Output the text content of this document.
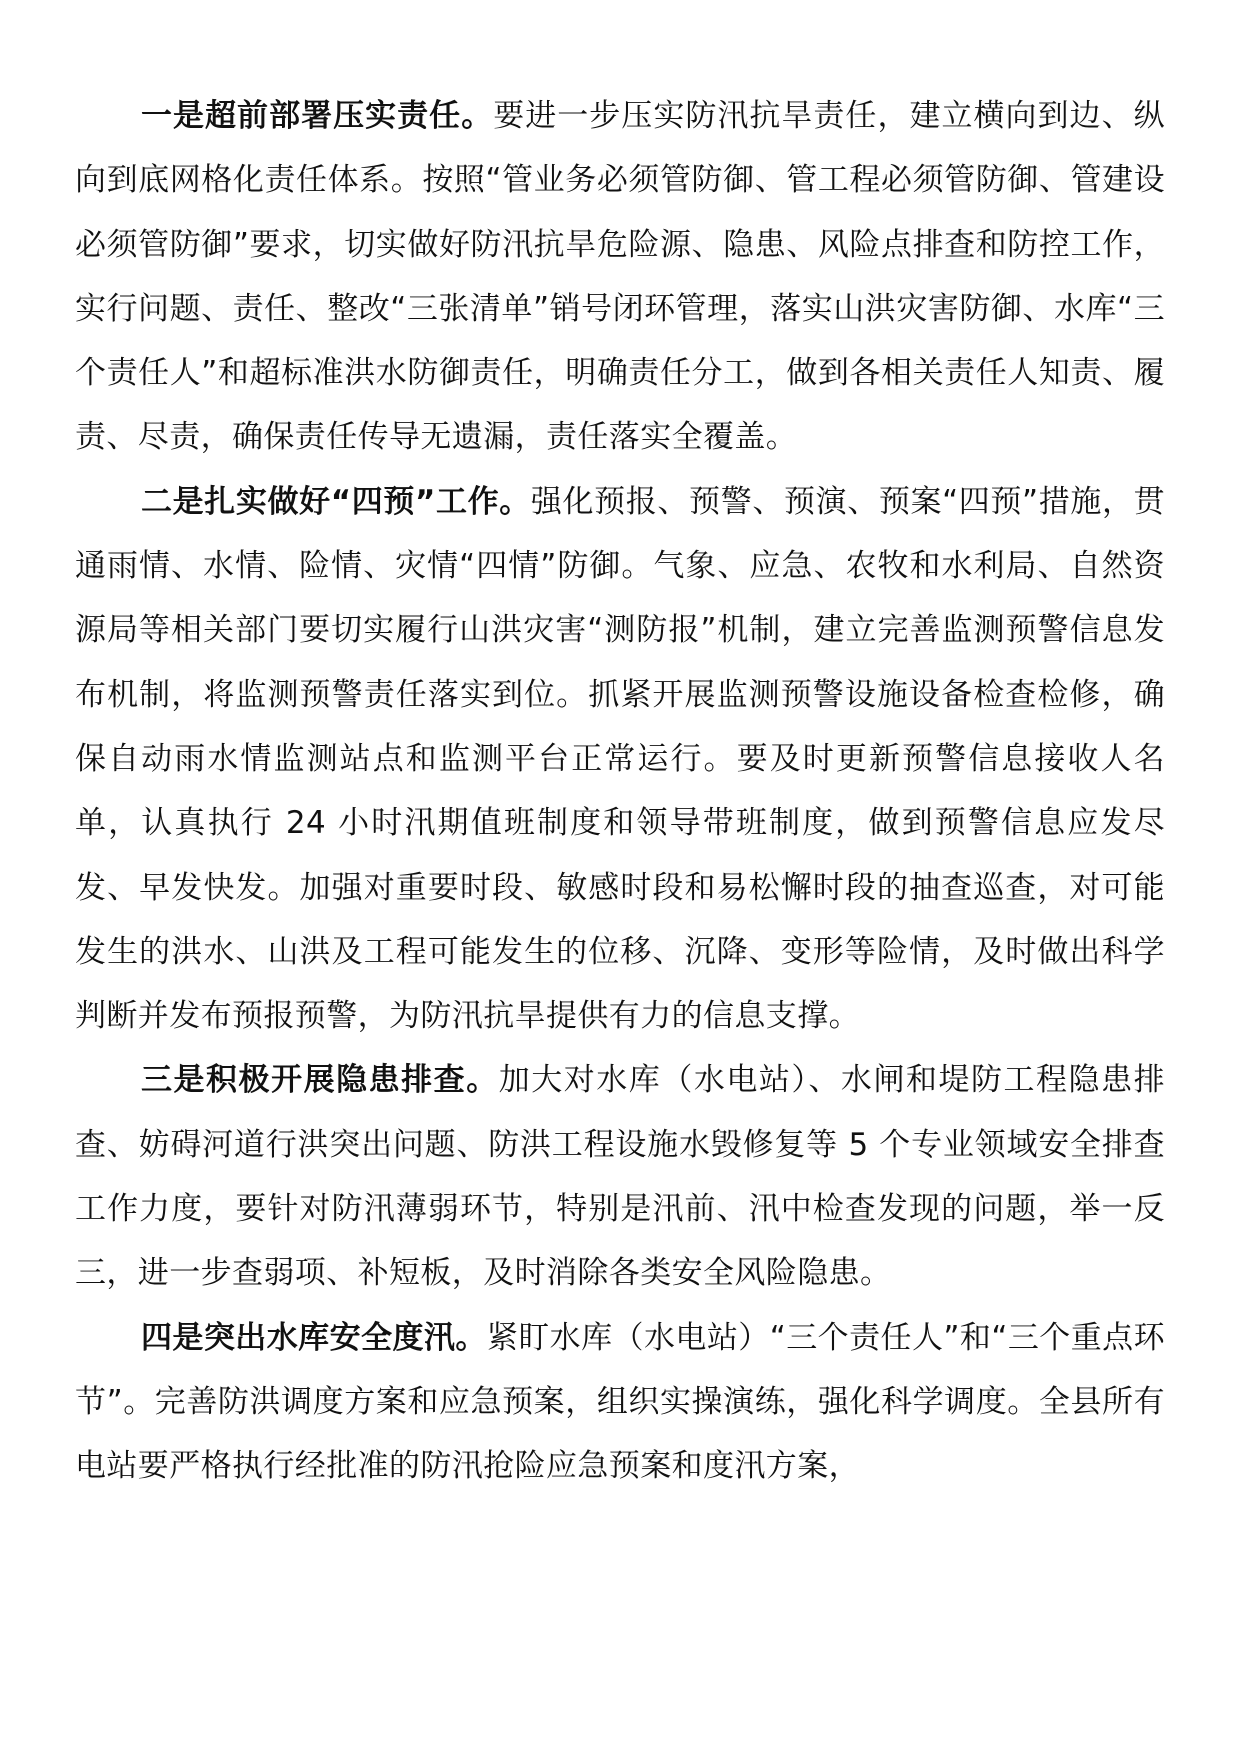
一是超前部署压实责任。要进一步压实防汛抗旱责任，建立横向到边、纵向到底网格化责任体系。按照“管业务必须管防御、管工程必须管防御、管建设必须管防御”要求，切实做好防汛抗旱危险源、隐患、风险点排查和防控工作，实行问题、责任、整改“三张清单”销号闭环管理，落实山洪灾害防御、水库“三个责任人”和超标准洪水防御责任，明确责任分工，做到各相关责任人知责、履责、尽责，确保责任传导无遗漏，责任落实全覆盖。

二是扎实做好“四预”工作。强化预报、预警、预演、预案“四预”措施，贯通雨情、水情、险情、灾情“四情”防御。气象、应急、农牧和水利局、自然资源局等相关部门要切实履行山洪灾害“测防报”机制，建立完善监测预警信息发布机制，将监测预警责任落实到位。抓紧开展监测预警设施设备检查检修，确保自动雨水情监测站点和监测平台正常运行。要及时更新预警信息接收人名单，认真执行 24 小时汛期值班制度和领导带班制度，做到预警信息应发尽发、早发快发。加强对重要时段、敏感时段和易松懈时段的抽查巡查，对可能发生的洪水、山洪及工程可能发生的位移、沉降、变形等险情，及时做出科学判断并发布预报预警，为防汛抗旱提供有力的信息支撑。

三是积极开展隐患排查。加大对水库（水电站）、水闸和堤防工程隐患排查、妨碍河道行洪突出问题、防洪工程设施水毁修复等 5 个专业领域安全排查工作力度，要针对防汛薄弱环节，特别是汛前、汛中检查发现的问题，举一反三，进一步查弱项、补短板，及时消除各类安全风险隐患。

四是突出水库安全度汛。紧盯水库（水电站）“三个责任人”和“三个重点环节”。完善防洪调度方案和应急预案，组织实操演练，强化科学调度。全县所有电站要严格执行经批准的防汛抢险应急预案和度汛方案，
